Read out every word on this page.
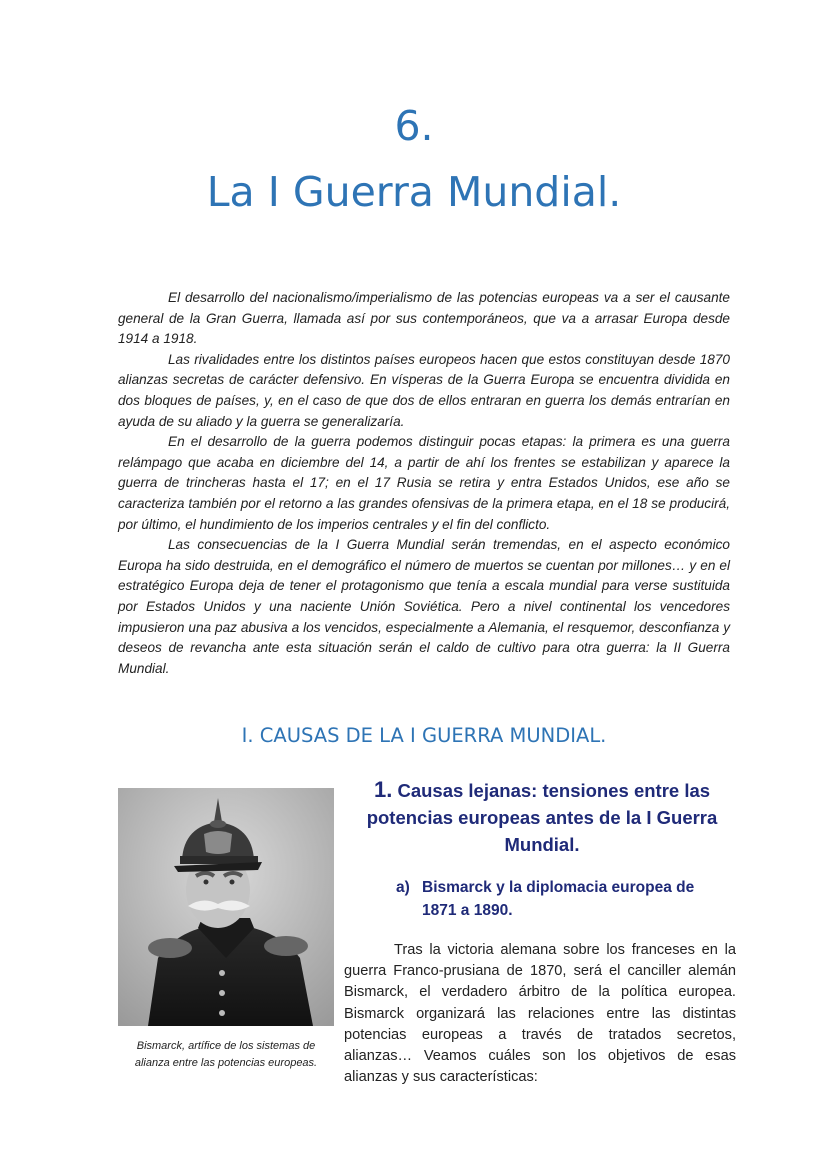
6.
La I Guerra Mundial.

El desarrollo del nacionalismo/imperialismo de las potencias europeas va a ser el causante general de la Gran Guerra, llamada así por sus contemporáneos, que va a arrasar Europa desde 1914 a 1918.

Las rivalidades entre los distintos países europeos hacen que estos constituyan desde 1870 alianzas secretas de carácter defensivo. En vísperas de la Guerra Europa se encuentra dividida en dos bloques de países, y, en el caso de que dos de ellos entraran en guerra los demás entrarían en ayuda de su aliado y la guerra se generalizaría.

En el desarrollo de la guerra podemos distinguir pocas etapas: la primera es una guerra relámpago que acaba en diciembre del 14, a partir de ahí los frentes se estabilizan y aparece la guerra de trincheras hasta el 17; en el 17 Rusia se retira y entra Estados Unidos, ese año se caracteriza también por el retorno a las grandes ofensivas de la primera etapa, en el 18 se producirá, por último, el hundimiento de los imperios centrales y el fin del conflicto.

Las consecuencias de la I Guerra Mundial serán tremendas, en el aspecto económico Europa ha sido destruida, en el demográfico el número de muertos se cuentan por millones… y en el estratégico Europa deja de tener el protagonismo que tenía a escala mundial para verse sustituida por Estados Unidos y una naciente Unión Soviética. Pero a nivel continental los vencedores impusieron una paz abusiva a los vencidos, especialmente a Alemania, el resquemor, desconfianza y deseos de revancha ante esta situación serán el caldo de cultivo para otra guerra: la II Guerra Mundial.

I. CAUSAS DE LA I GUERRA MUNDIAL.
Bismarck, artífice de los sistemas de alianza entre las potencias europeas.
1. Causas lejanas: tensiones entre las potencias europeas antes de la I Guerra Mundial.
a) Bismarck y la diplomacia europea de
1871 a 1890.

Tras la victoria alemana sobre los franceses en la guerra Franco-prusiana de 1870, será el canciller alemán Bismarck, el verdadero árbitro de la política europea. Bismarck organizará las relaciones entre las distintas potencias europeas a través de tratados secretos, alianzas… Veamos cuáles son los objetivos de esas alianzas y sus características:
